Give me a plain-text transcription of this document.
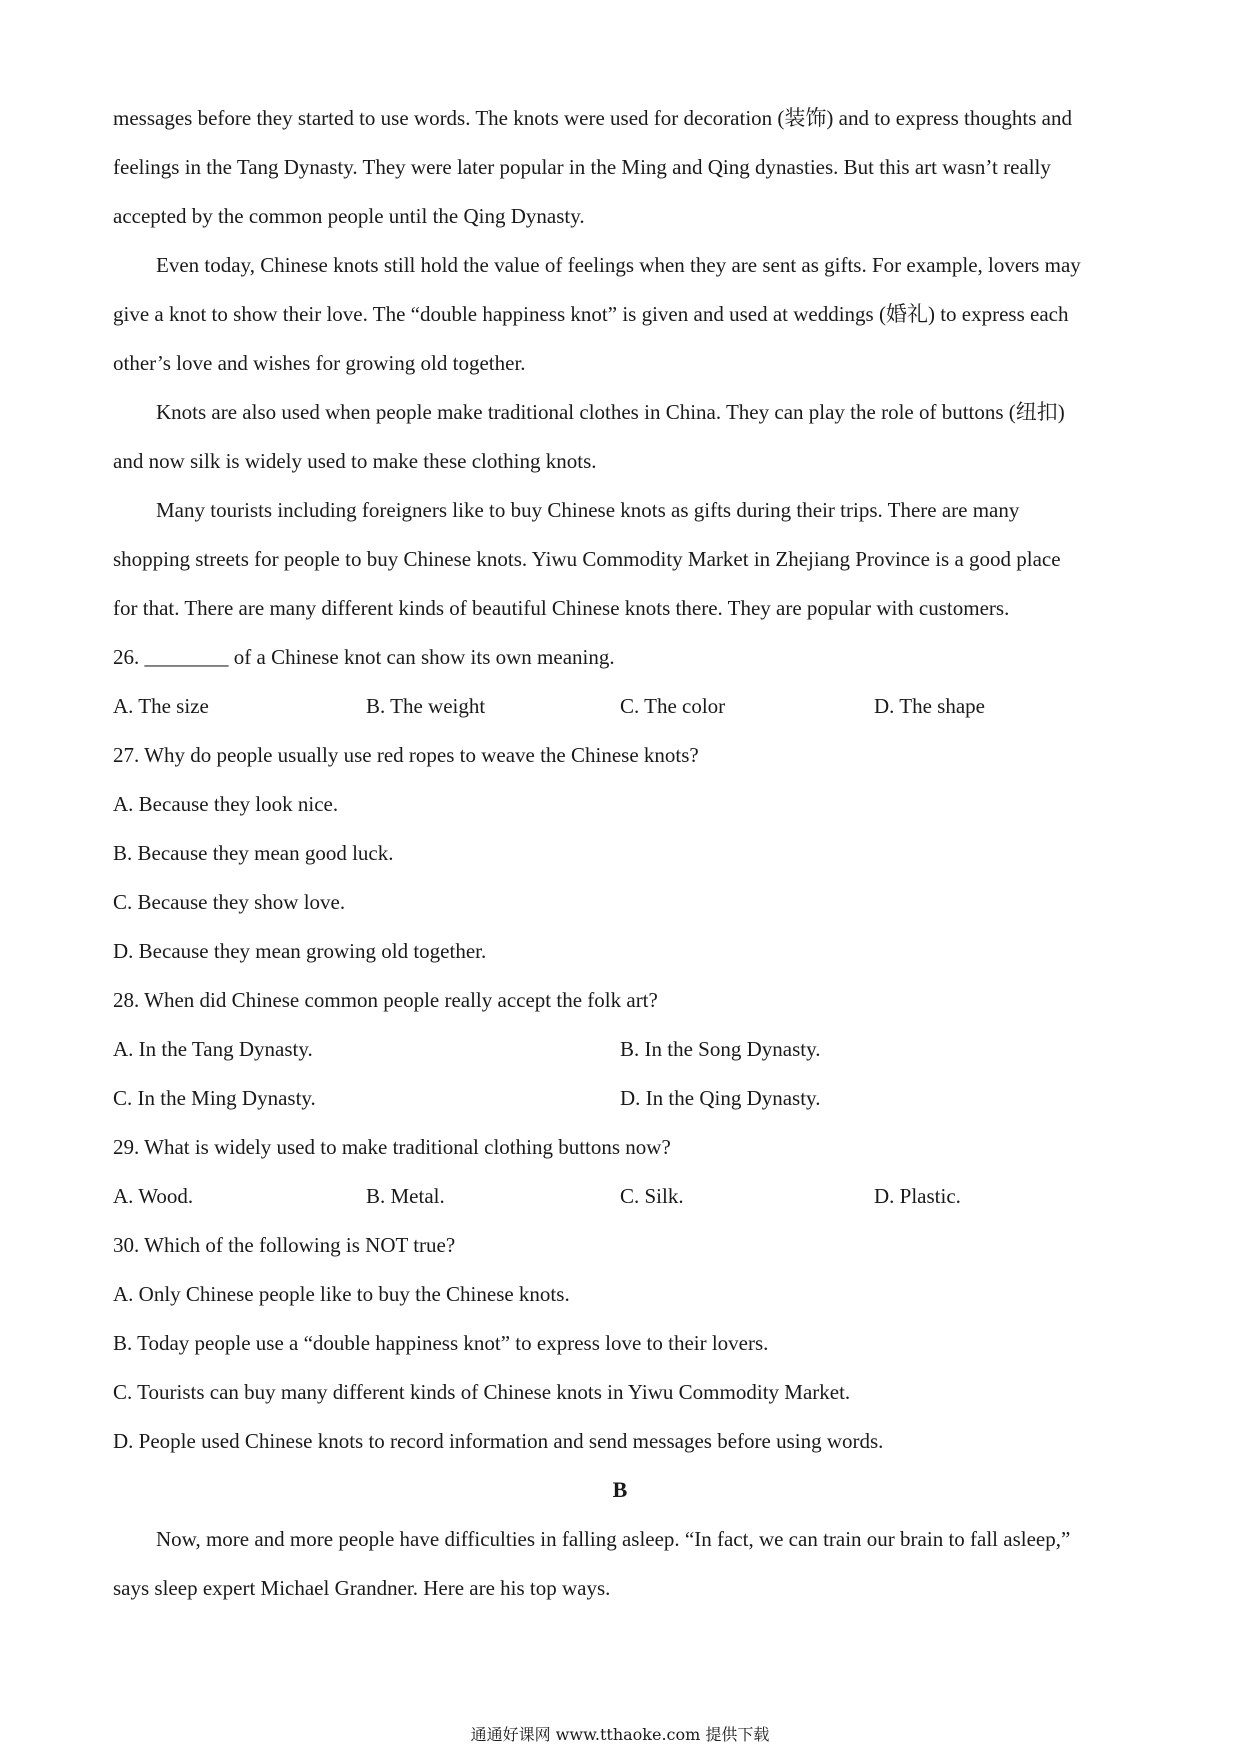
messages before they started to use words. The knots were used for decoration (装饰) and to express thoughts and
feelings in the Tang Dynasty. They were later popular in the Ming and Qing dynasties. But this art wasn’t really
accepted by the common people until the Qing Dynasty.
Even today, Chinese knots still hold the value of feelings when they are sent as gifts. For example, lovers may
give a knot to show their love. The “double happiness knot” is given and used at weddings (婚礼) to express each
other’s love and wishes for growing old together.
Knots are also used when people make traditional clothes in China. They can play the role of buttons (纽扣)
and now silk is widely used to make these clothing knots.
Many tourists including foreigners like to buy Chinese knots as gifts during their trips. There are many
shopping streets for people to buy Chinese knots. Yiwu Commodity Market in Zhejiang Province is a good place
for that. There are many different kinds of beautiful Chinese knots there. They are popular with customers.
26. ________ of a Chinese knot can show its own meaning.
A. The size	B. The weight	C. The color	D. The shape
27. Why do people usually use red ropes to weave the Chinese knots?
A. Because they look nice.
B. Because they mean good luck.
C. Because they show love.
D. Because they mean growing old together.
28. When did Chinese common people really accept the folk art?
A. In the Tang Dynasty.	B. In the Song Dynasty.
C. In the Ming Dynasty.	D. In the Qing Dynasty.
29. What is widely used to make traditional clothing buttons now?
A. Wood.	B. Metal.	C. Silk.	D. Plastic.
30. Which of the following is NOT true?
A. Only Chinese people like to buy the Chinese knots.
B. Today people use a “double happiness knot” to express love to their lovers.
C. Tourists can buy many different kinds of Chinese knots in Yiwu Commodity Market.
D. People used Chinese knots to record information and send messages before using words.
B
Now, more and more people have difficulties in falling asleep. “In fact, we can train our brain to fall asleep,”
says sleep expert Michael Grandner. Here are his top ways.
通通好课网 www.tthaoke.com 提供下载
